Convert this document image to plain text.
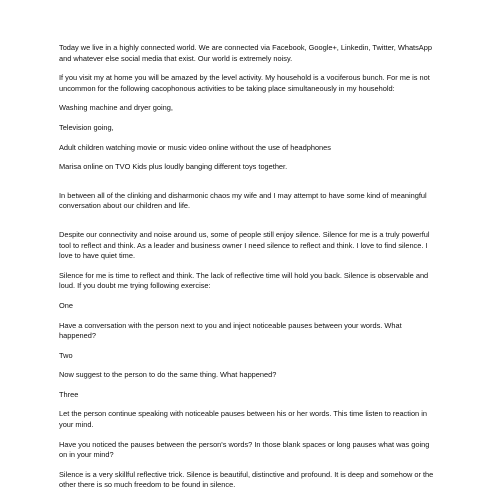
Today we live in a highly connected world. We are connected via Facebook, Google+, Linkedin, Twitter, WhatsApp and whatever else social media that exist. Our world is extremely noisy.

If you visit my at home you will be amazed by the level activity. My household is a vociferous bunch. For me is not uncommon for the following cacophonous activities to be taking place simultaneously in my household:

Washing machine and dryer going,

Television going,

Adult children watching movie or music video online without the use of headphones

Marisa online on TVO Kids plus loudly banging different toys together.

In between all of the clinking and disharmonic chaos my wife and I may attempt to have some kind of meaningful conversation about our children and life.

Despite our connectivity and noise around us, some of people still enjoy silence. Silence for me is a truly powerful tool to reflect and think. As a leader and business owner I need silence to reflect and think. I love to find silence. I love to have quiet time.

Silence for me is time to reflect and think. The lack of reflective time will hold you back. Silence is observable and loud. If you doubt me trying following exercise:

One

Have a conversation with the person next to you and inject noticeable pauses between your words. What happened?

Two

Now suggest to the person to do the same thing. What happened?

Three

Let the person continue speaking with noticeable pauses between his or her words. This time listen to reaction in your mind.

Have you noticed the pauses between the person's words? In those blank spaces or long pauses what was going on in your mind?

Silence is a very skillful reflective trick. Silence is beautiful, distinctive and profound. It is deep and somehow or the other there is so much freedom to be found in silence.
